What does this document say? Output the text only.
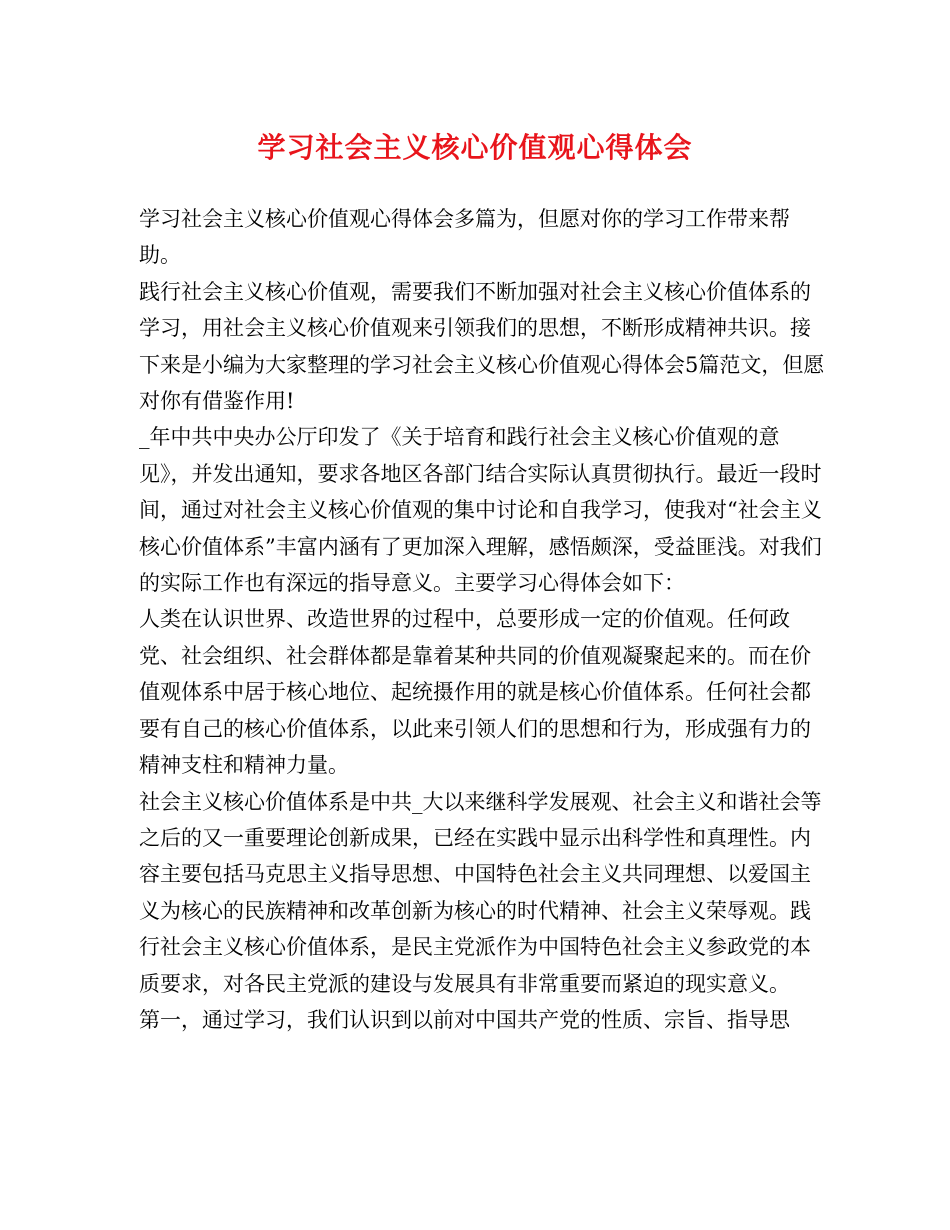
学习社会主义核心价值观心得体会

学习社会主义核心价值观心得体会多篇为，但愿对你的学习工作带来帮助。

践行社会主义核心价值观，需要我们不断加强对社会主义核心价值体系的学习，用社会主义核心价值观来引领我们的思想，不断形成精神共识。接下来是小编为大家整理的学习社会主义核心价值观心得体会5篇范文，但愿对你有借鉴作用!

_年中共中央办公厅印发了《关于培育和践行社会主义核心价值观的意见》，并发出通知，要求各地区各部门结合实际认真贯彻执行。最近一段时间，通过对社会主义核心价值观的集中讨论和自我学习，使我对“社会主义核心价值体系”丰富内涵有了更加深入理解，感悟颇深，受益匪浅。对我们的实际工作也有深远的指导意义。主要学习心得体会如下：

人类在认识世界、改造世界的过程中，总要形成一定的价值观。任何政党、社会组织、社会群体都是靠着某种共同的价值观凝聚起来的。而在价值观体系中居于核心地位、起统摄作用的就是核心价值体系。任何社会都要有自己的核心价值体系，以此来引领人们的思想和行为，形成强有力的精神支柱和精神力量。

社会主义核心价值体系是中共_大以来继科学发展观、社会主义和谐社会等之后的又一重要理论创新成果，已经在实践中显示出科学性和真理性。内容主要包括马克思主义指导思想、中国特色社会主义共同理想、以爱国主义为核心的民族精神和改革创新为核心的时代精神、社会主义荣辱观。践行社会主义核心价值体系，是民主党派作为中国特色社会主义参政党的本质要求，对各民主党派的建设与发展具有非常重要而紧迫的现实意义。

第一，通过学习，我们认识到以前对中国共产党的性质、宗旨、指导思
